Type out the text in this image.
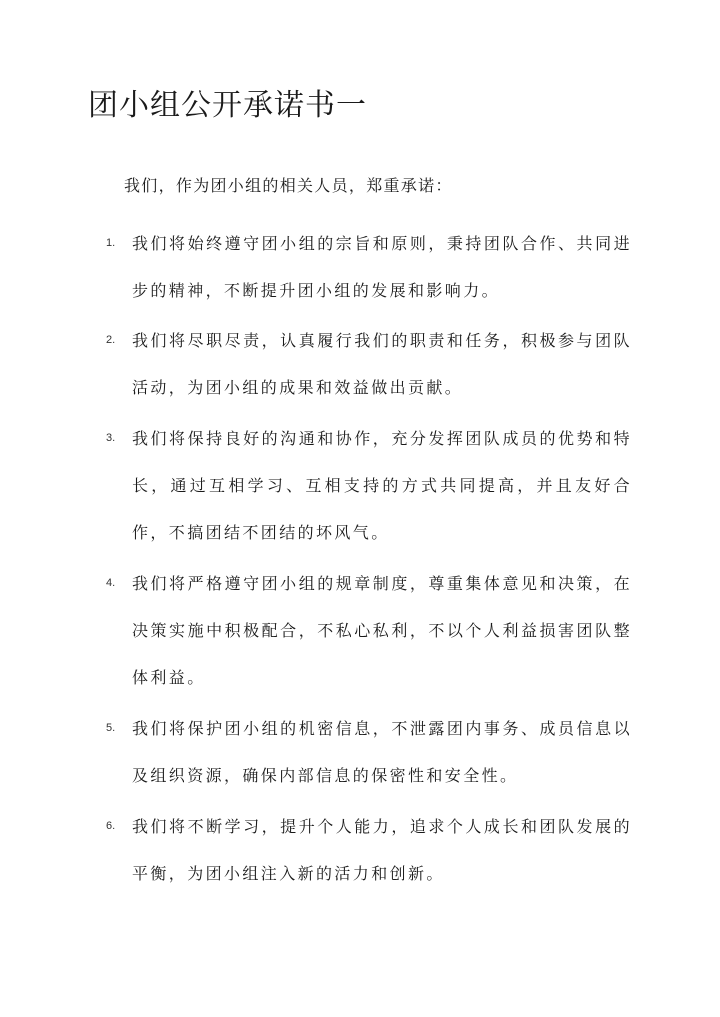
团小组公开承诺书一
我们，作为团小组的相关人员，郑重承诺：
1. 我们将始终遵守团小组的宗旨和原则，秉持团队合作、共同进步的精神，不断提升团小组的发展和影响力。

2. 我们将尽职尽责，认真履行我们的职责和任务，积极参与团队活动，为团小组的成果和效益做出贡献。

3. 我们将保持良好的沟通和协作，充分发挥团队成员的优势和特长，通过互相学习、互相支持的方式共同提高，并且友好合作，不搞团结不团结的坏风气。

4. 我们将严格遵守团小组的规章制度，尊重集体意见和决策，在决策实施中积极配合，不私心私利，不以个人利益损害团队整体利益。

5. 我们将保护团小组的机密信息，不泄露团内事务、成员信息以及组织资源，确保内部信息的保密性和安全性。

6. 我们将不断学习，提升个人能力，追求个人成长和团队发展的平衡，为团小组注入新的活力和创新。
